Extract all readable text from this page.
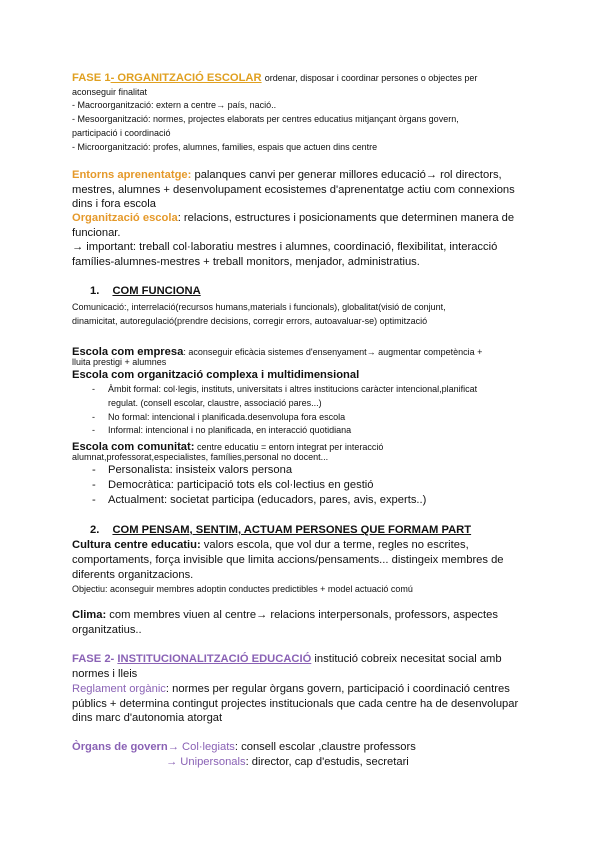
FASE 1- ORGANITZACIÓ ESCOLAR ordenar, disposar i coordinar persones o objectes per
aconseguir finalitat
- Macroorganització: extern a centre→ país, nació..
- Mesoorganització: normes, projectes elaborats per centres educatius mitjançant òrgans govern,
participació i coordinació
- Microorganització: profes, alumnes, families, espais que actuen dins centre
Entorns aprenentatge: palanques canvi per generar millores educació→ rol directors,
mestres, alumnes + desenvolupament ecosistemes d'aprenentatge actiu com connexions
dins i fora escola
Organització escola: relacions, estructures i posicionaments que determinen manera de
funcionar.
→ important: treball col·laboratiu mestres i alumnes, coordinació, flexibilitat, interacció
famílies-alumnes-mestres + treball monitors, menjador, administratius.
1. COM FUNCIONA
Comunicació:, interrelació(recursos humans,materials i funcionals), globalitat(visió de conjunt,
dinamicitat, autoregulació(prendre decisions, corregir errors, autoavaluar-se) optimització
Escola com empresa: aconseguir eficàcia sistemes d'ensenyament→ augmentar competència +
lluita prestigi + alumnes
Escola com organització complexa i multidimensional
- Àmbit formal: col·legis, instituts, universitats i altres institucions caràcter intencional,planificat
regulat. (consell escolar, claustre, associació pares...)
- No formal: intencional i planificada.desenvolupa fora escola
- Informal: intencional i no planificada, en interacció quotidiana
Escola com comunitat: centre educatiu = entorn integrat per interacció
alumnat,professorat,especialistes, famílies,personal no docent...
- Personalista: insisteix valors persona
- Democràtica: participació tots els col·lectius en gestió
- Actualment: societat participa (educadors, pares, avis, experts..)
2. COM PENSAM, SENTIM, ACTUAM PERSONES QUE FORMAM PART
Cultura centre educatiu: valors escola, que vol dur a terme, regles no escrites,
comportaments, força invisible que limita accions/pensaments... distingeix membres de
diferents organitzacions.
Objectiu: aconseguir membres adoptin conductes predictibles + model actuació comú
Clima: com membres viuen al centre→ relacions interpersonals, professors, aspectes
organitzatius..
FASE 2- INSTITUCIONALITZACIÓ EDUCACIÓ institució cobreix necesitat social amb
normes i lleis
Reglament orgànic: normes per regular òrgans govern, participació i coordinació centres
públics + determina contingut projectes institucionals que cada centre ha de desenvolupar
dins marc d'autonomia atorgat
Òrgans de govern→ Col·legiats: consell escolar ,claustre professors
→ Unipersonals: director, cap d'estudis, secretari
